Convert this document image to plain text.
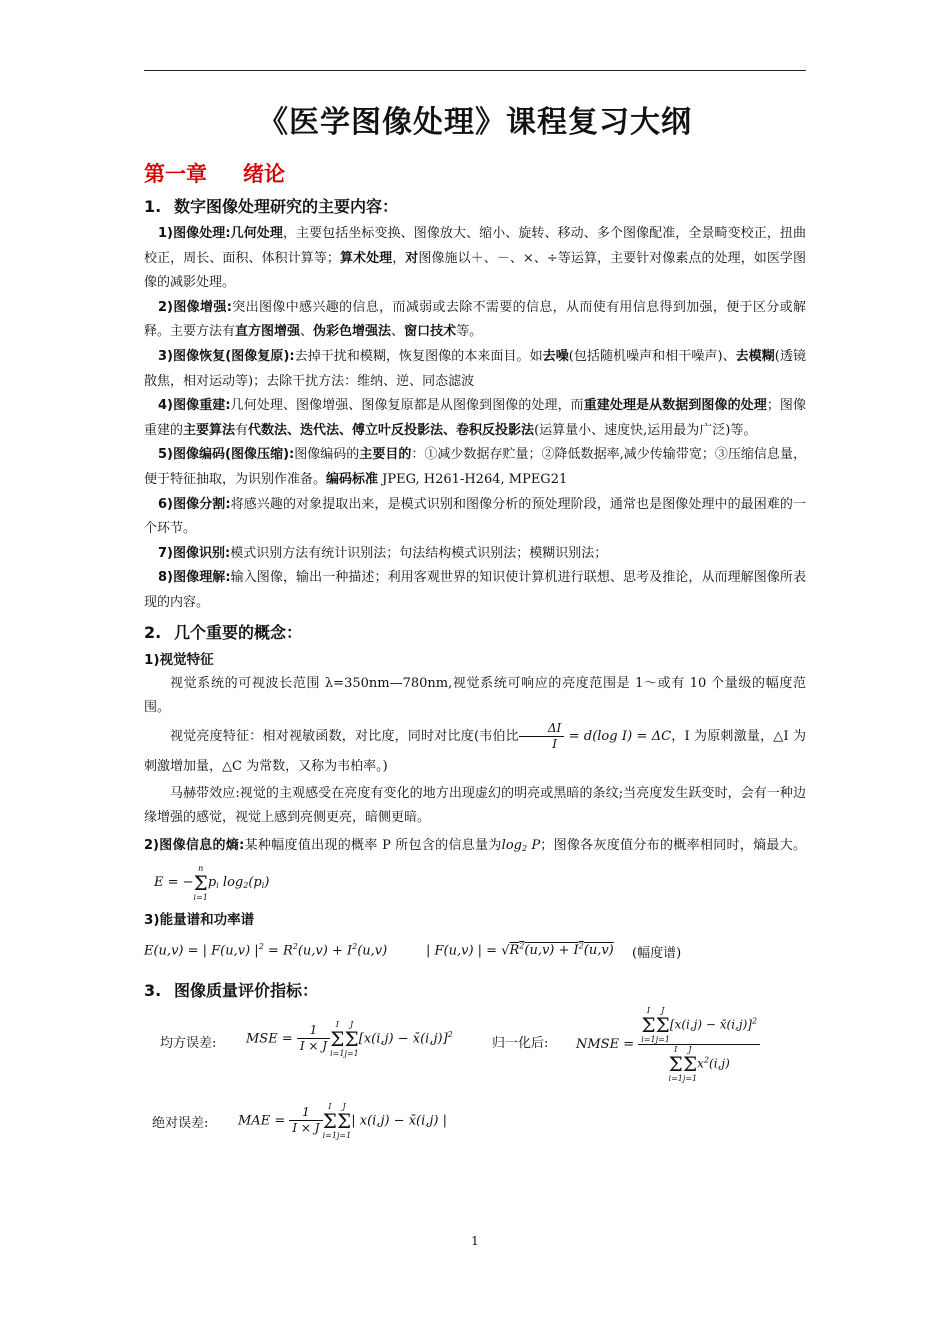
《医学图像处理》课程复习大纲
第一章 绪论
1. 数字图像处理研究的主要内容：

1)图像处理:几何处理，主要包括坐标变换、图像放大、缩小、旋转、移动、多个图像配准，全景畸变校正，扭曲校正，周长、面积、体积计算等；算术处理，对图像施以＋、－、×、÷等运算，主要针对像素点的处理，如医学图像的减影处理。

2)图像增强:突出图像中感兴趣的信息，而减弱或去除不需要的信息，从而使有用信息得到加强，便于区分或解释。主要方法有直方图增强、伪彩色增强法、窗口技术等。

3)图像恢复(图像复原):去掉干扰和模糊，恢复图像的本来面目。如去噪(包括随机噪声和相干噪声)、去模糊(透镜散焦，相对运动等)；去除干扰方法：维纳、逆、同态滤波

4)图像重建:几何处理、图像增强、图像复原都是从图像到图像的处理，而重建处理是从数据到图像的处理；图像重建的主要算法有代数法、迭代法、傅立叶反投影法、卷积反投影法(运算量小、速度快,运用最为广泛)等。

5)图像编码(图像压缩):图像编码的主要目的：①减少数据存贮量；②降低数据率,减少传输带宽；③压缩信息量，便于特征抽取，为识别作准备。编码标准 JPEG, H261-H264, MPEG21

6)图像分割:将感兴趣的对象提取出来，是模式识别和图像分析的预处理阶段，通常也是图像处理中的最困难的一个环节。

7)图像识别:模式识别方法有统计识别法；句法结构模式识别法；模糊识别法；

8)图像理解:输入图像，输出一种描述；利用客观世界的知识使计算机进行联想、思考及推论，从而理解图像所表现的内容。

2. 几个重要的概念：
1)视觉特征

视觉系统的可视波长范围 λ=350nm—780nm,视觉系统可响应的亮度范围是 1～或有 10 个量级的幅度范围。

视觉亮度特征：相对视敏函数，对比度，同时对比度(韦伯比 $\frac{\Delta I}{I} = d(\log$ I) = ΔC，I 为原刺激量，△I 为刺激增加量，△C 为常数，又称为韦柏率。)

马赫带效应:视觉的主观感受在亮度有变化的地方出现虚幻的明亮或黑暗的条纹;当亮度发生跃变时，会有一种边缘增强的感觉，视觉上感到亮侧更亮，暗侧更暗。

2)图像信息的熵:某种幅度值出现的概率 P 所包含的信息量为log2 P；图像各灰度值分布的概率相同时，熵最大。E = −
n
Σ
i=1
pi log2(pi)

3)能量谱和功率谱
E(u,v) = | F(u,v) $|^2 = R^2(u,v) + I^2(u,v)$	| F(u,v) | = $√R^2(u,v) + I^2(u,v)$ (幅度谱)
3. 图像质量评价指标：
均方误差: MSE = $\frac{1}{I \times J}$ I
Σ
i=1
J
Σ
j=1
[x(i,j) − x̄(i,j)]$^2$
归一化后: NMSE = I
Σ
i=1
J
Σ
j=1
[x(i,j) − x̄(i,j)]$^2$
I
Σ
i=1
J
Σ
j=1
$x^2(i,j)$
绝对误差: MAE = $\frac{1}{I \times J}$ I
Σ
i=1
J
Σ
j=1
| x(i,j) − x̄(i,j) |
1
